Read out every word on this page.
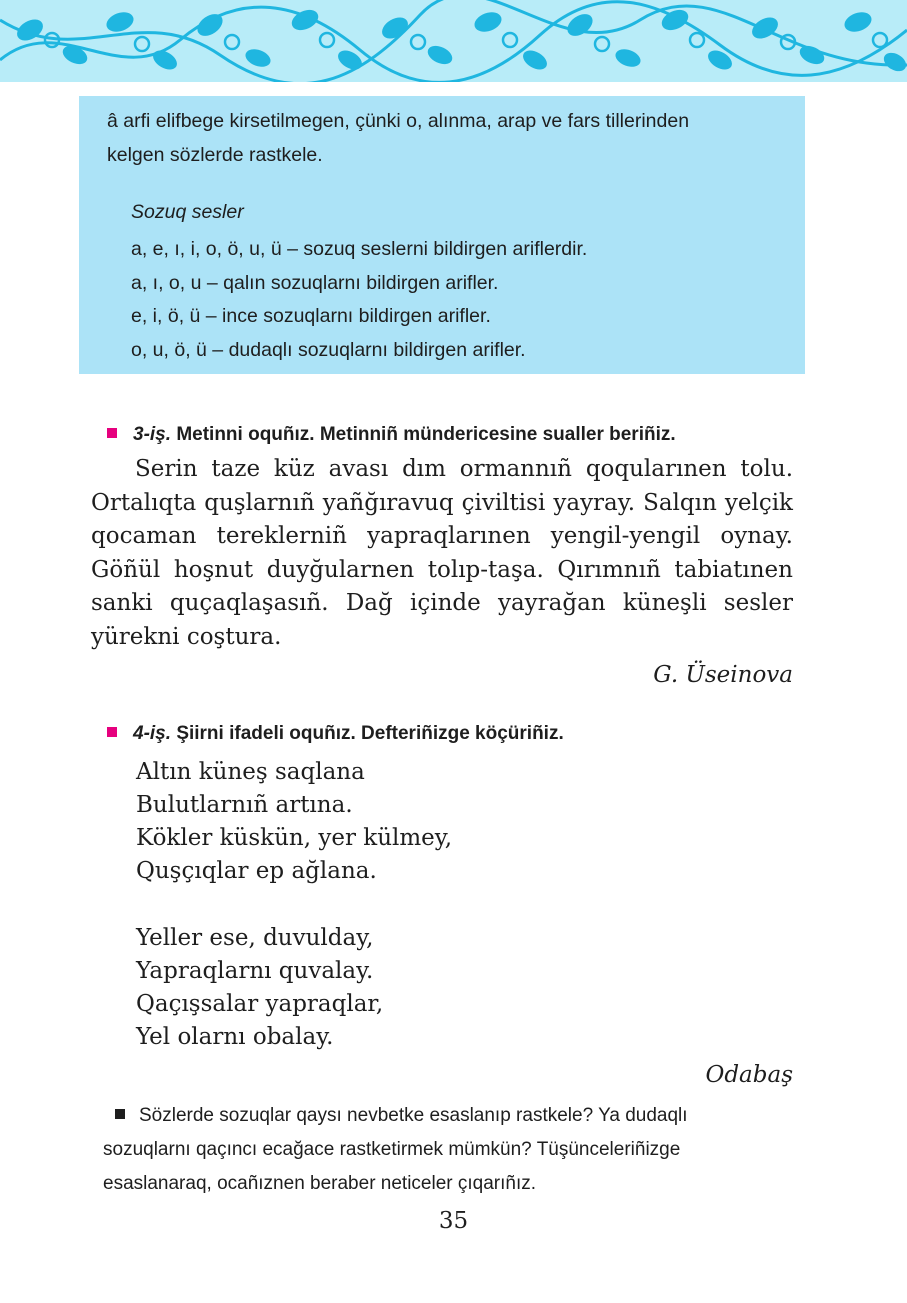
â arfi elifbege kirsetilmegen, çünki o, alınma, arap ve fars tillerinden
kelgen sözlerde rastkele.
Sozuq sesler
a, e, ı, i, o, ö, u, ü – sozuq seslerni bildirgen ariflerdir.
a, ı, o, u – qalın sozuqlarnı bildirgen arifler.
e, i, ö, ü – ince sozuqlarnı bildirgen arifler.
o, u, ö, ü – dudaqlı sozuqlarnı bildirgen arifler.
3-iş. Metinni oquñız. Metinniñ mündericesine sualler beriñiz.

Serin taze küz avası dım ormannıñ qoqularınen tolu. Ortalıqta quşlarnıñ yañğıravuq çiviltisi yayray. Salqın yelçik qocaman tereklerniñ yapraqlarınen yengil-yengil oynay. Göñül hoşnut duyğularnen tolıp-taşa. Qırımnıñ tabiatınen sanki quçaqlaşasıñ. Dağ içinde yayrağan küneşli sesler yürekni coştura.

G. Üseinova
4-iş. Şiirni ifadeli oquñız. Defteriñizge köçüriñiz.
Altın küneş saqlana
Bulutlarnıñ artına.
Kökler küskün, yer külmey,
Quşçıqlar ep ağlana.
Yeller ese, duvulday,
Yapraqlarnı quvalay.
Qaçışsalar yapraqlar,
Yel olarnı obalay.
Odabaş
Sözlerde sozuqlar qaysı nevbetke esaslanıp rastkele? Ya dudaqlı
sozuqlarnı qaçıncı ecağace rastketirmek mümkün? Tüşünceleriñizge
esaslanaraq, ocañıznen beraber neticeler çıqarıñız.
35
